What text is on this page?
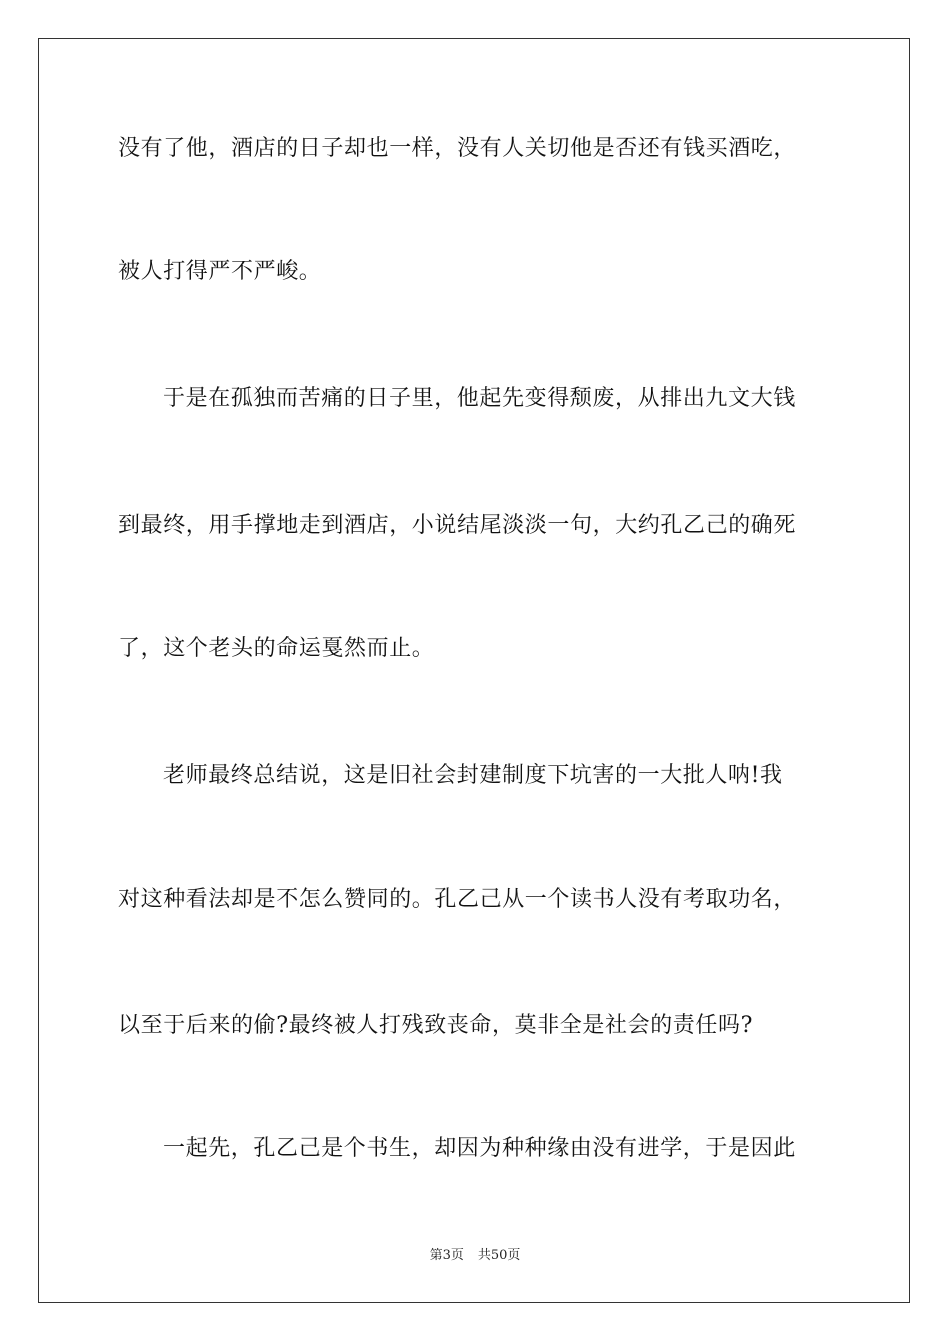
没有了他，酒店的日子却也一样，没有人关切他是否还有钱买酒吃，
被人打得严不严峻。
于是在孤独而苦痛的日子里，他起先变得颓废，从排出九文大钱
到最终，用手撑地走到酒店，小说结尾淡淡一句，大约孔乙己的确死
了，这个老头的命运戛然而止。
老师最终总结说，这是旧社会封建制度下坑害的一大批人呐!我
对这种看法却是不怎么赞同的。孔乙己从一个读书人没有考取功名，
以至于后来的偷?最终被人打残致丧命，莫非全是社会的责任吗?
一起先，孔乙己是个书生，却因为种种缘由没有进学，于是因此
第3页 共50页
